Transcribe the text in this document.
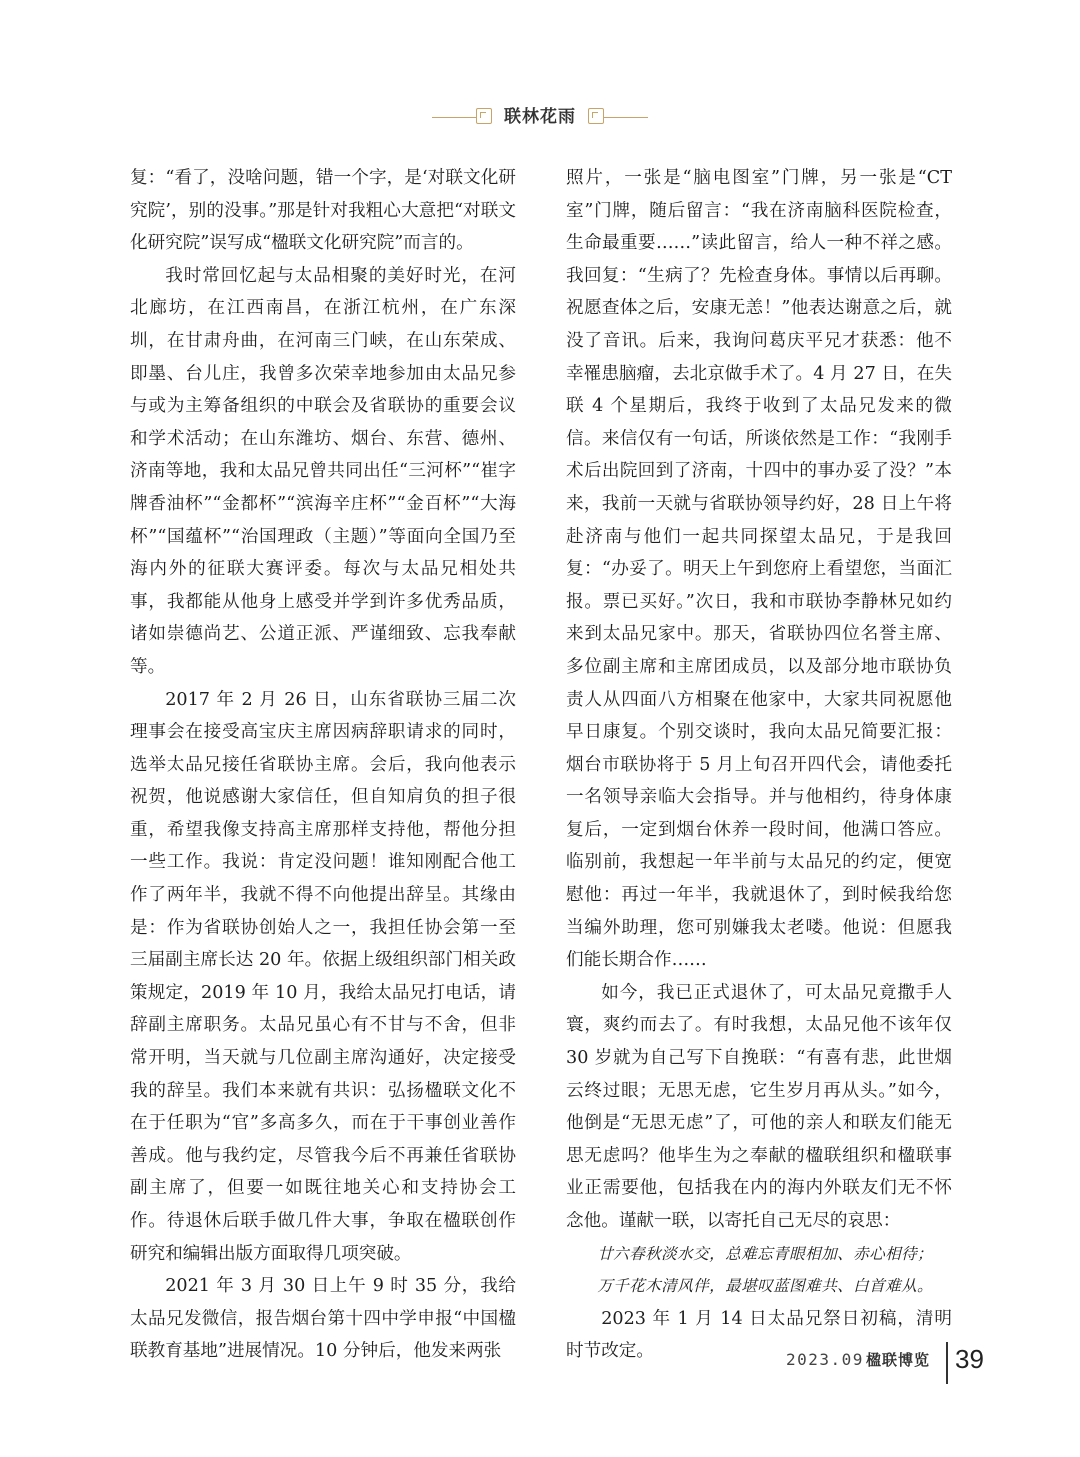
联林花雨

复：“看了，没啥问题，错一个字，是‘对联文化研究院’，别的没事。”那是针对我粗心大意把“对联文化研究院”误写成“楹联文化研究院”而言的。

我时常回忆起与太品相聚的美好时光，在河北廊坊，在江西南昌，在浙江杭州，在广东深圳，在甘肃舟曲，在河南三门峡，在山东荣成、即墨、台儿庄，我曾多次荣幸地参加由太品兄参与或为主筹备组织的中联会及省联协的重要会议和学术活动；在山东潍坊、烟台、东营、德州、济南等地，我和太品兄曾共同出任“三河杯”“崔字牌香油杯”“金都杯”“滨海辛庄杯”“金百杯”“大海杯”“国蕴杯”“治国理政（主题）”等面向全国乃至海内外的征联大赛评委。每次与太品兄相处共事，我都能从他身上感受并学到许多优秀品质，诸如崇德尚艺、公道正派、严谨细致、忘我奉献等。

2017 年 2 月 26 日，山东省联协三届二次理事会在接受高宝庆主席因病辞职请求的同时，选举太品兄接任省联协主席。会后，我向他表示祝贺，他说感谢大家信任，但自知肩负的担子很重，希望我像支持高主席那样支持他，帮他分担一些工作。我说：肯定没问题！谁知刚配合他工作了两年半，我就不得不向他提出辞呈。其缘由是：作为省联协创始人之一，我担任协会第一至三届副主席长达 20 年。依据上级组织部门相关政策规定，2019 年 10 月，我给太品兄打电话，请辞副主席职务。太品兄虽心有不甘与不舍，但非常开明，当天就与几位副主席沟通好，决定接受我的辞呈。我们本来就有共识：弘扬楹联文化不在于任职为“官”多高多久，而在于干事创业善作善成。他与我约定，尽管我今后不再兼任省联协副主席了，但要一如既往地关心和支持协会工作。待退休后联手做几件大事，争取在楹联创作研究和编辑出版方面取得几项突破。

2021 年 3 月 30 日上午 9 时 35 分，我给太品兄发微信，报告烟台第十四中学申报“中国楹联教育基地”进展情况。10 分钟后，他发来两张

照片，一张是“脑电图室”门牌，另一张是“CT 室”门牌，随后留言：“我在济南脑科医院检查，生命最重要……”读此留言，给人一种不祥之感。我回复：“生病了？先检查身体。事情以后再聊。祝愿查体之后，安康无恙！”他表达谢意之后，就没了音讯。后来，我询问葛庆平兄才获悉：他不幸罹患脑瘤，去北京做手术了。4 月 27 日，在失联 4 个星期后，我终于收到了太品兄发来的微信。来信仅有一句话，所谈依然是工作：“我刚手术后出院回到了济南，十四中的事办妥了没？”本来，我前一天就与省联协领导约好，28 日上午将赴济南与他们一起共同探望太品兄，于是我回复：“办妥了。明天上午到您府上看望您，当面汇报。票已买好。”次日，我和市联协李静林兄如约来到太品兄家中。那天，省联协四位名誉主席、多位副主席和主席团成员，以及部分地市联协负责人从四面八方相聚在他家中，大家共同祝愿他早日康复。个别交谈时，我向太品兄简要汇报：烟台市联协将于 5 月上旬召开四代会，请他委托一名领导亲临大会指导。并与他相约，待身体康复后，一定到烟台休养一段时间，他满口答应。临别前，我想起一年半前与太品兄的约定，便宽慰他：再过一年半，我就退休了，到时候我给您当编外助理，您可别嫌我太老喽。他说：但愿我们能长期合作……

如今，我已正式退休了，可太品兄竟撒手人寰，爽约而去了。有时我想，太品兄他不该年仅 30 岁就为自己写下自挽联：“有喜有悲，此世烟云终过眼；无思无虑，它生岁月再从头。”如今，他倒是“无思无虑”了，可他的亲人和联友们能无思无虑吗？他毕生为之奉献的楹联组织和楹联事业正需要他，包括我在内的海内外联友们无不怀念他。谨献一联，以寄托自己无尽的哀思：

廿六春秋淡水交，总难忘青眼相加、赤心相待；

万千花木清风伴，最堪叹蓝图难共、白首难从。

2023 年 1 月 14 日太品兄祭日初稿，清明时节改定。	2023.09 楹联博览 39
